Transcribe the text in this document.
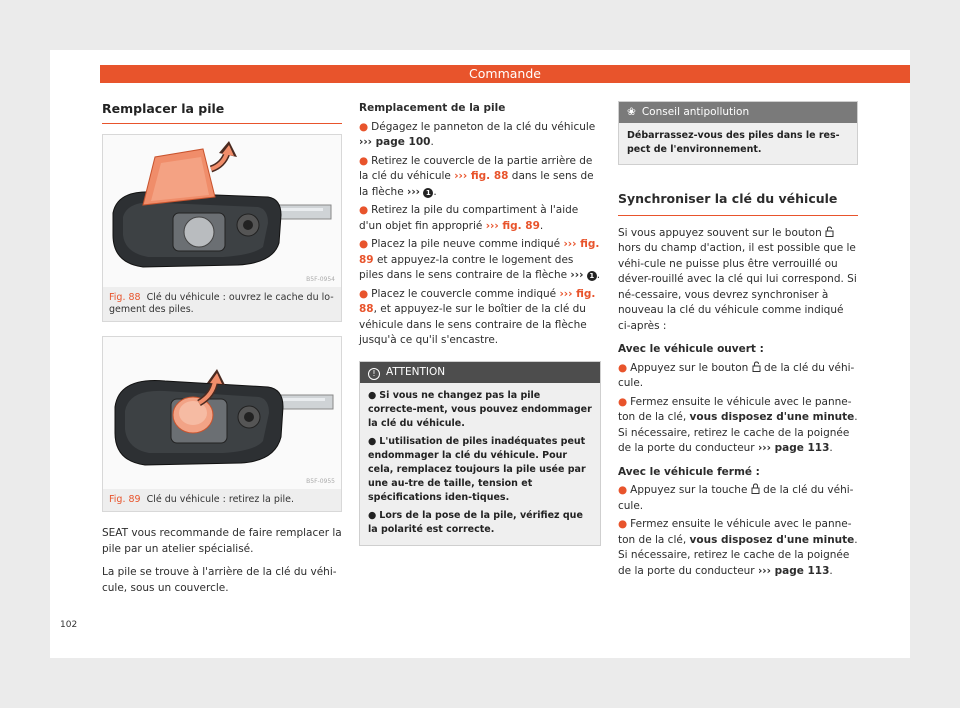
Commande
Remplacer la pile
B5F-0954
Fig. 88 Clé du véhicule : ouvrez le cache du lo-gement des piles.
B5F-0955
Fig. 89 Clé du véhicule : retirez la pile.

SEAT vous recommande de faire remplacer la pile par un atelier spécialisé.

La pile se trouve à l'arrière de la clé du véhi-cule, sous un couvercle.

Remplacement de la pile
● Dégagez le panneton de la clé du véhicule ››› page 100.
● Retirez le couvercle de la partie arrière de la clé du véhicule ››› fig. 88 dans le sens de la flèche ››› 1 .
● Retirez la pile du compartiment à l'aide d'un objet fin approprié ››› fig. 89.
● Placez la pile neuve comme indiqué ››› fig. 89 et appuyez-la contre le logement des piles dans le sens contraire de la flèche ››› 1 .
● Placez le couvercle comme indiqué ››› fig. 88, et appuyez-le sur le boîtier de la clé du véhicule dans le sens contraire de la flèche jusqu'à ce qu'il s'encastre.
! ATTENTION
● Si vous ne changez pas la pile correcte-ment, vous pouvez endommager la clé du véhicule.
● L'utilisation de piles inadéquates peut endommager la clé du véhicule. Pour cela, remplacez toujours la pile usée par une au-tre de taille, tension et spécifications iden-tiques.
● Lors de la pose de la pile, vérifiez que la polarité est correcte.
❀ Conseil antipollution
Débarrassez-vous des piles dans le res-pect de l'environnement.
Synchroniser la clé du véhicule

Si vous appuyez souvent sur le bouton  hors du champ d'action, il est possible que le véhi-cule ne puisse plus être verrouillé ou déver-rouillé avec la clé qui lui correspond. Si né-cessaire, vous devrez synchroniser à nouveau la clé du véhicule comme indiqué ci-après :

Avec le véhicule ouvert :
● Appuyez sur le bouton de la clé du véhi-cule.
● Fermez ensuite le véhicule avec le panne-ton de la clé, vous disposez d'une minute. Si nécessaire, retirez le cache de la poignée de la porte du conducteur ››› page 113.
Avec le véhicule fermé :
● Appuyez sur la touche de la clé du véhi-cule.
● Fermez ensuite le véhicule avec le panne-ton de la clé, vous disposez d'une minute. Si nécessaire, retirez le cache de la poignée de la porte du conducteur ››› page 113.
102
